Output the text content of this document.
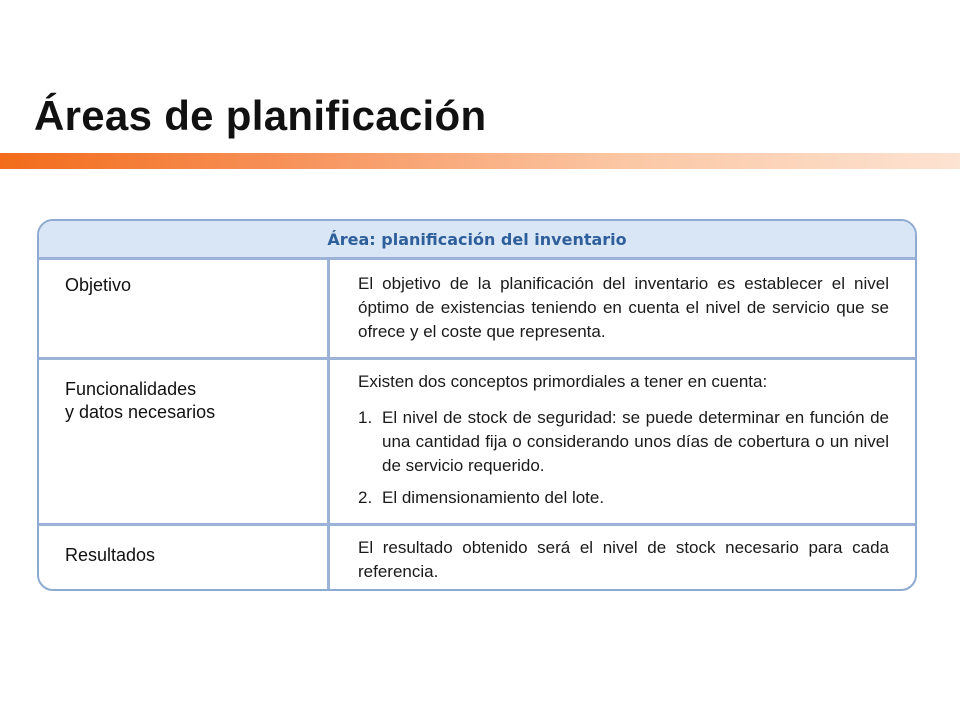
Áreas de planificación
Área: planificación del inventario
Objetivo	El objetivo de la planificación del inventario es establecer el nivel óptimo de existencias teniendo en cuenta el nivel de servicio que se ofrece y el coste que representa.

Funcionalidades
y datos necesarios

Existen dos conceptos primordiales a tener en cuenta:

1. El nivel de stock de seguridad: se puede determinar en función de una cantidad fija o considerando unos días de cobertura o un nivel de servicio requerido.
2. El dimensionamiento del lote.
Resultados	El resultado obtenido será el nivel de stock necesario para cada referencia.
